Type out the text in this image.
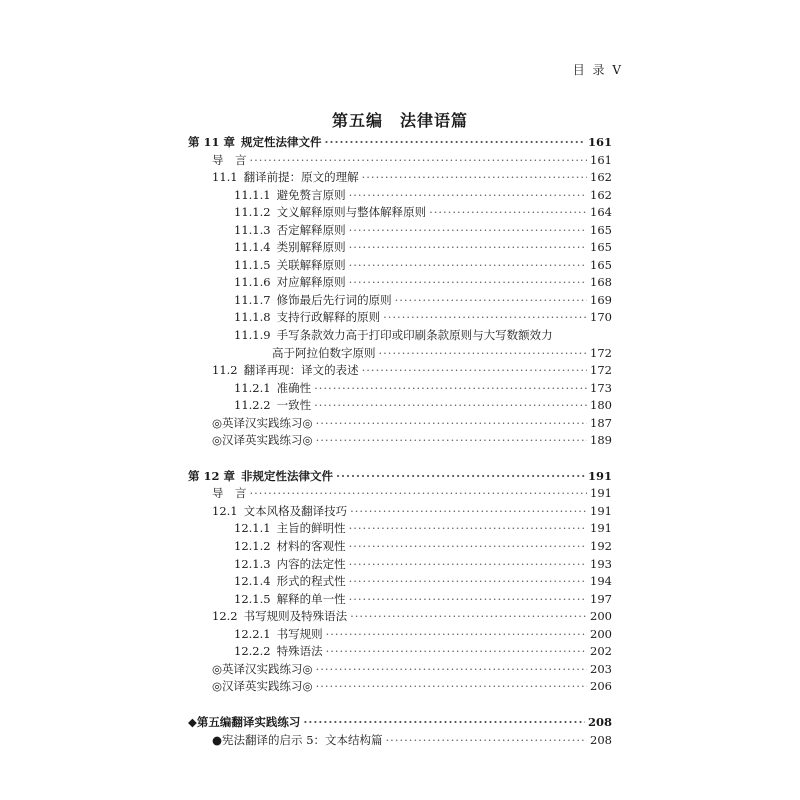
目 录 V
第五编　法律语篇
第 11 章 规定性法律文件 ·····	161
导　言 ·····	161
11.1 翻译前提：原文的理解 ·····	162
11.1.1 避免赘言原则 ·····	162
11.1.2 文义解释原则与整体解释原则 ·····	164
11.1.3 否定解释原则 ·····	165
11.1.4 类别解释原则 ·····	165
11.1.5 关联解释原则 ·····	165
11.1.6 对应解释原则 ·····	168
11.1.7 修饰最后先行词的原则 ·····	169
11.1.8 支持行政解释的原则 ·····	170
11.1.9 手写条款效力高于打印或印刷条款原则与大写数额效力
高于阿拉伯数字原则 ·····	172
11.2 翻译再现：译文的表述 ·····	172
11.2.1 准确性 ·····	173
11.2.2 一致性 ·····	180
◎英译汉实践练习◎ ·····	187
◎汉译英实践练习◎ ·····	189
第 12 章 非规定性法律文件 ·····	191
导　言 ·····	191
12.1 文本风格及翻译技巧 ·····	191
12.1.1 主旨的鲜明性 ·····	191
12.1.2 材料的客观性 ·····	192
12.1.3 内容的法定性 ·····	193
12.1.4 形式的程式性 ·····	194
12.1.5 解释的单一性 ·····	197
12.2 书写规则及特殊语法 ·····	200
12.2.1 书写规则 ·····	200
12.2.2 特殊语法 ·····	202
◎英译汉实践练习◎ ·····	203
◎汉译英实践练习◎ ·····	206
◆第五编翻译实践练习 ·····	208
●宪法翻译的启示 5：文本结构篇 ·····	208
